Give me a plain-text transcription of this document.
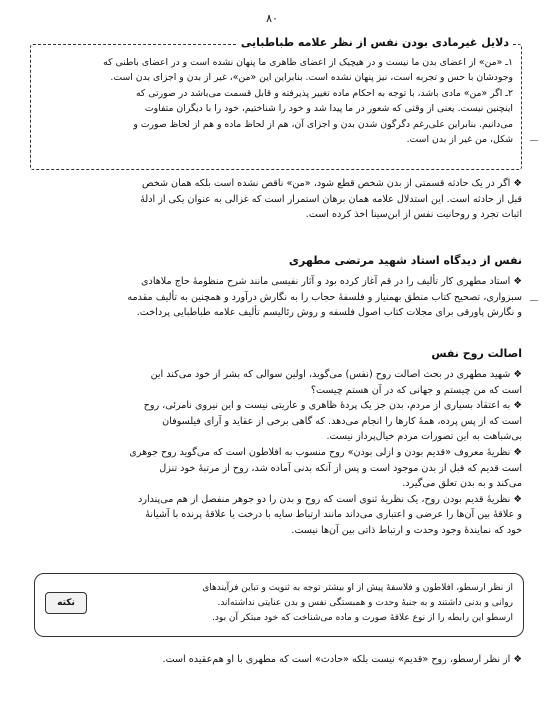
۸۰
دلایل غیرمادی بودن نفس از نظر علامه طباطبایی
۱ـ «من» از اعضای بدن ما نیست و در هیچیک از اعضای ظاهری ما پنهان نشده است و در اعضای باطنی که
وجودشان با حس و تجربه است، نیز پنهان نشده است. بنابراین این «من»، غیر از بدن و اجزای بدن است.
۲ـ اگر «من» مادی باشد، با توجه به احکام ماده تغییر پذیرفته و قابل قسمت می‌باشد در صورتی که
اینچنین نیست. یعنی از وقتی که شعور در ما پیدا شد و خود را شناختیم، خود را با دیگران متفاوت
می‌دانیم. بنابراین علی‌رغم دگرگون شدن بدن و اجزای آن، هم از لحاظ ماده و هم از لحاظ صورت و
شکل، من غیر از بدن است.
❖ اگر در یک حادثه قسمتی از بدن شخص قطع شود، «من» ناقص نشده است بلکه همان شخص
قبل از حادثه است. این استدلال علامه همان برهان استمرار است که غزالی به عنوان یکی از ادلهٔ
اثبات تجرد و روحانیت نفس از ابن‌سینا اخذ کرده است.
نفس از دیدگاه استاد شهید مرتضی مطهری
❖ استاد مطهری کار تألیف را در قم آغاز کرده بود و آثار نفیسی مانند شرح منظومهٔ حاج ملاهادی
سبزواری، تصحیح کتاب منطق بهمنیار و فلسفهٔ حجاب را به نگارش درآورد و همچنین به تألیف مقدمه
و نگارش پاورقی برای مجلات کتاب اصول فلسفه و روش رئالیسم تألیف علامه طباطبایی پرداخت.
اصالت روح نفس
❖ شهید مطهری در بحث اصالت روح (نفس) می‌گوید، اولین سوالی که بشر از خود می‌کند این
است که من چیستم و جهانی که در آن هستم چیست؟
❖ به اعتقاد بسیاری از مردم، بدن جز یک پردهٔ ظاهری و عاریتی نیست و این نیروی نامرئی، روح
است که از پس پرده، همهٔ کارها را انجام می‌دهد. که گاهی برخی از عقاید و آرای فیلسوفان
بی‌شباهت به این تصورات مردم خیال‌پرداز نیست.
❖ نظریهٔ معروف «قدیم بودن و ازلی بودن» روح منسوب به افلاطون است که می‌گوید روح جوهری
است قدیم که قبل از بدن موجود است و پس از آنکه بدنی آماده شد، روح از مرتبهٔ خود تنزل
می‌کند و به بدن تعلق می‌گیرد.
❖ نظریهٔ قدیم بودن روح، یک نظریهٔ ثنوی است که روح و بدن را دو جوهر منفصل از هم می‌پندارد
و علاقهٔ بین آن‌ها را عرضی و اعتباری می‌داند مانند ارتباط سایه با درخت یا علاقهٔ پرنده با آشیانهٔ
خود که نمایندهٔ وجود وحدت و ارتباط ذاتی بین آن‌ها نیست.
از نظر ارسطو، افلاطون و فلاسفهٔ پیش از او بیشتر توجه به ثنویت و تباین فرآیندهای
روانی و بدنی داشتند و به جنبهٔ وحدت و همبستگی نفس و بدن عنایتی نداشته‌اند.
ارسطو این رابطه را از نوع علاقهٔ صورت و ماده می‌شناخت که خود مبتکر آن بود.
نکته
❖ از نظر ارسطو، روح «قدیم» نیست بلکه «حادث» است که مطهری با او هم‌عقیده است.
